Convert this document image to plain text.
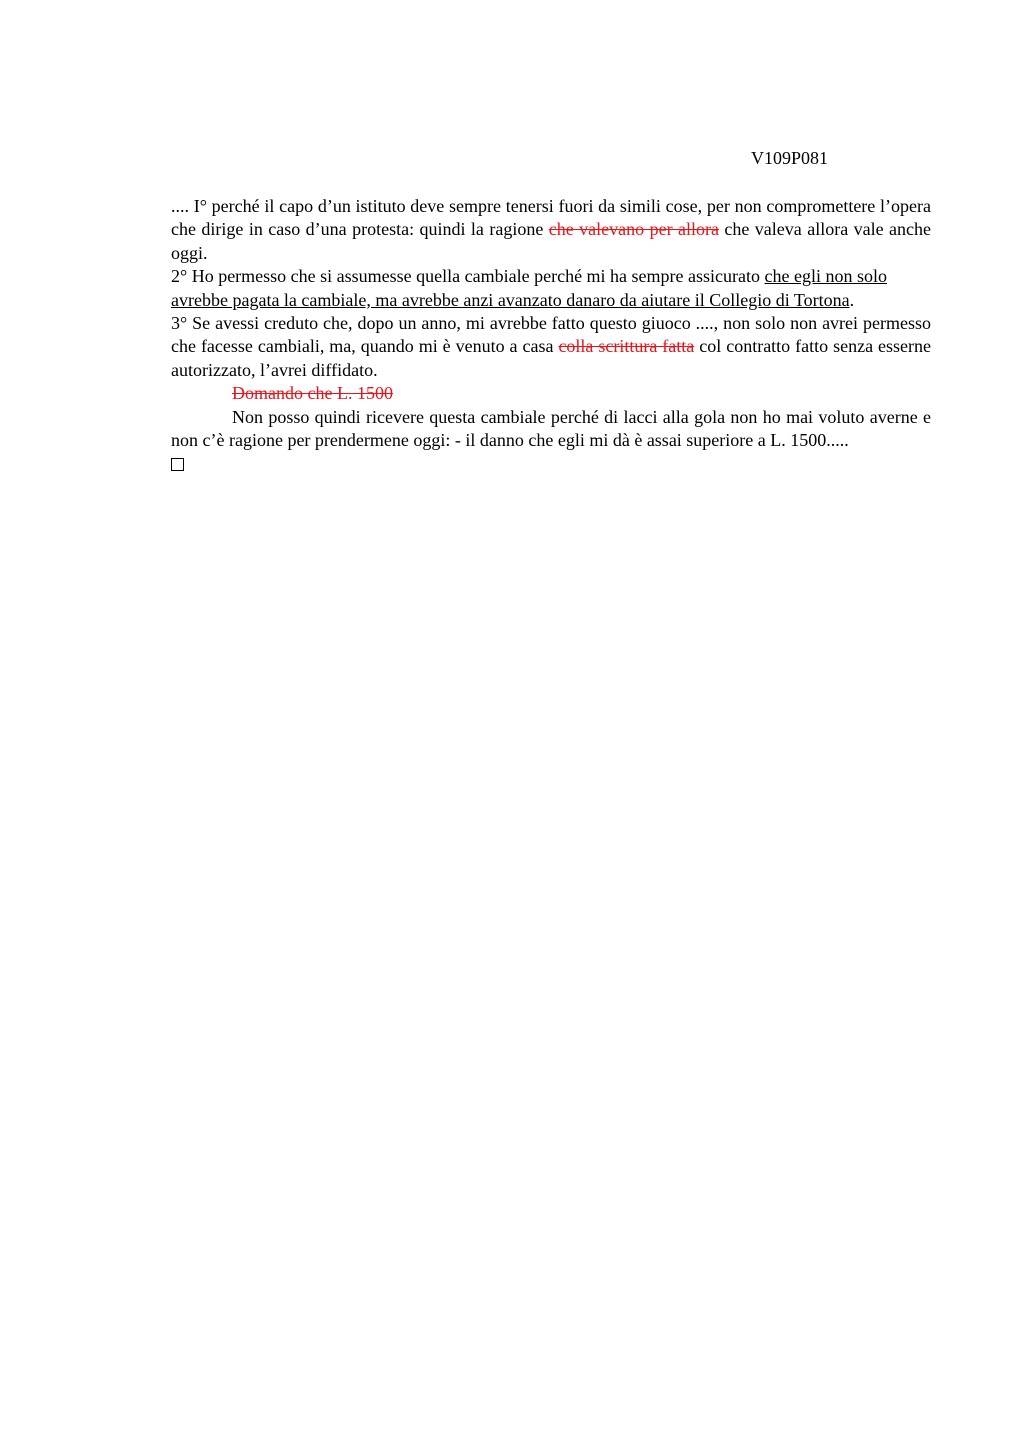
V109P081

.... I° perché il capo d’un istituto deve sempre tenersi fuori da simili cose, per non compromettere l’opera che dirige in caso d’una protesta: quindi la ragione che valevano per allora che valeva allora vale anche oggi.

2° Ho permesso che si assumesse quella cambiale perché mi ha sempre assicurato che egli non solo avrebbe pagata la cambiale, ma avrebbe anzi avanzato danaro da aiutare il Collegio di Tortona.

3° Se avessi creduto che, dopo un anno, mi avrebbe fatto questo giuoco ...., non solo non avrei permesso che facesse cambiali, ma, quando mi è venuto a casa colla scrittura fatta col contratto fatto senza esserne autorizzato, l’avrei diffidato.

Domando che L. 1500

Non posso quindi ricevere questa cambiale perché di lacci alla gola non ho mai voluto averne e non c’è ragione per prendermene oggi: - il danno che egli mi dà è assai superiore a L. 1500.....
